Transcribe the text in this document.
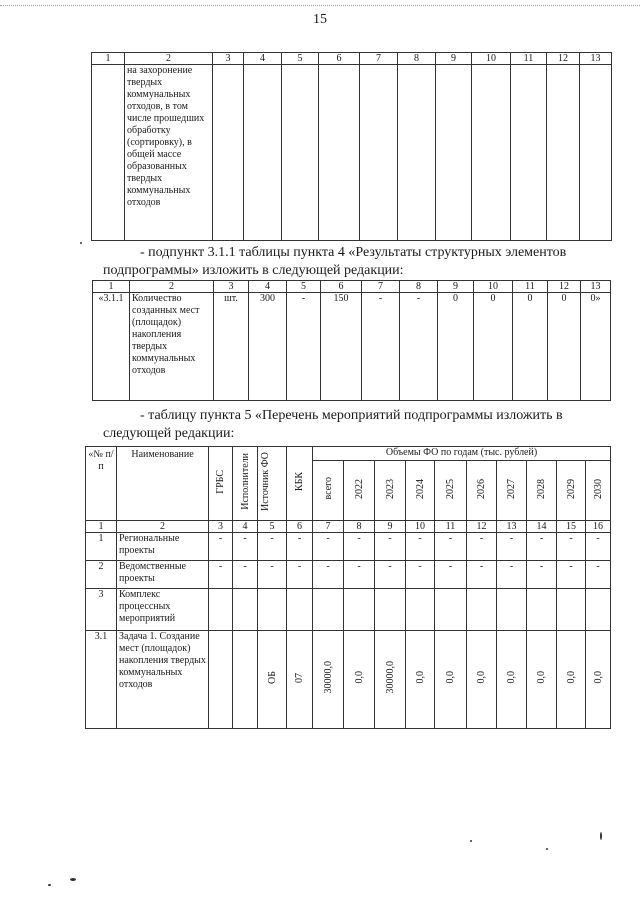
15
1	2	3	4	5	6	7	8	9	10	11	12	13
	на захоронение твердых коммунальных отходов, в том числе прошедших обработку (сортировку), в общей массе образованных твердых коммунальных отходов											
- подпункт 3.1.1 таблицы пункта 4 «Результаты структурных элементов
подпрограммы» изложить в следующей редакции:
1	2	3	4	5	6	7	8	9	10	11	12	13
«3.1.1	Количество созданных мест (площадок) накопления твердых коммунальных отходов	шт.	300	-	150	-	-	0	0	0	0	0»
- таблицу пункта 5 «Перечень мероприятий подпрограммы изложить в
следующей редакции:
«№ п/п	Наименование	ГРБС	Исполнители	Источник ФО	КБК	Объемы ФО по годам (тыс. рублей)									
						всего	2022	2023	2024	2025	2026	2027	2028	2029	2030
1	2	3	4	5	6	7	8	9	10	11	12	13	14	15	16
1	Региональные проекты	-	-	-	-	-	-	-	-	-	-	-	-	-	-
2	Ведомственные проекты	-	-	-	-	-	-	-	-	-	-	-	-	-	-
3	Комплекс процессных мероприятий														
3.1	Задача 1. Создание мест (площадок) накопления твердых коммунальных отходов			ОБ	07	30000,0	0,0	30000,0	0,0	0,0	0,0	0,0	0,0	0,0	0,0
